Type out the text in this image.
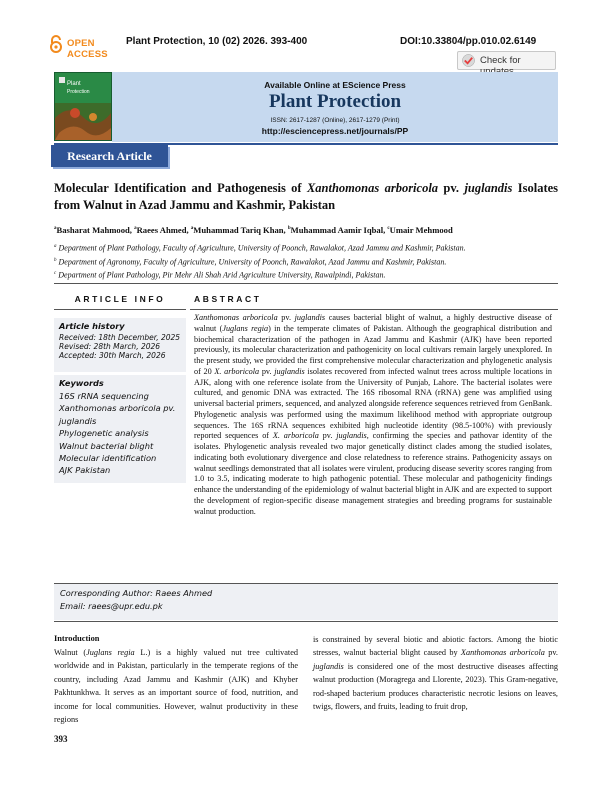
OPEN ACCESS
Plant Protection, 10 (02) 2026. 393-400	DOI:10.33804/pp.010.02.6149
Check for
Plant
Protection
Available Online at EScience Press
Plant Protection
ISSN: 2617-1287 (Online), 2617-1279 (Print)
http://esciencepress.net/journals/PP
Research Article
Molecular Identification and Pathogenesis of Xanthomonas arboricola pv. juglandis Isolates from Walnut in Azad Jammu and Kashmir, Pakistan
$^a$Basharat Mahmood, $^a$Raees Ahmed, $^a$Muhammad Tariq Khan, $^b$Muhammad Aamir Iqbal, $^c$Umair Mehmood
$^a$ Department of Plant Pathology, Faculty of Agriculture, University of Poonch, Rawalakot, Azad Jammu and Kashmir, Pakistan.
$^b$ Department of Agronomy, Faculty of Agriculture, University of Poonch, Rawalakot, Azad Jammu and Kashmir, Pakistan.
$^c$ Department of Plant Pathology, Pir Mehr Ali Shah Arid Agriculture University, Rawalpindi, Pakistan.
ARTICLE INFO	ABSTRACT
Article history
Received: 18th December, 2025
Revised: 28th March, 2026
Accepted: 30th March, 2026
Keywords
16S rRNA sequencing
Xanthomonas arboricola pv. juglandis
Phylogenetic analysis
Walnut bacterial blight
Molecular identification
AJK Pakistan
Xanthomonas arboricola pv. juglandis causes bacterial blight of walnut, a highly destructive disease of walnut (Juglans regia) in the temperate climates of Pakistan. Although the geographical distribution and biochemical characterization of the pathogen in Azad Jammu and Kashmir (AJK) have been reported previously, its molecular characterization and pathogenicity on local cultivars remain largely unexplored. In the present study, we provided the first comprehensive molecular characterization and phylogenetic analysis of 20 X. arboricola pv. juglandis isolates recovered from infected walnut trees across multiple locations in AJK, along with one reference isolate from the University of Punjab, Lahore. The bacterial isolates were cultured, and genomic DNA was extracted. The 16S ribosomal RNA (rRNA) gene was amplified using universal bacterial primers, sequenced, and analyzed alongside reference sequences retrieved from GenBank. Phylogenetic analysis was performed using the maximum likelihood method with appropriate outgroup sequences. The 16S rRNA sequences exhibited high nucleotide identity (98.5-100%) with previously reported sequences of X. arboricola pv. juglandis, confirming the species and pathovar identity of the isolates. Phylogenetic analysis revealed two major genetically distinct clades among the studied isolates, indicating both evolutionary divergence and close relatedness to reference strains. Pathogenicity assays on walnut seedlings demonstrated that all isolates were virulent, producing disease severity scores ranging from 1.0 to 3.5, indicating moderate to high pathogenic potential. These molecular and pathogenicity findings enhance the understanding of the epidemiology of walnut bacterial blight in AJK and are expected to support the development of region-specific disease management strategies and breeding programs for sustainable walnut production.
Corresponding Author: Raees Ahmed
Email: raees@upr.edu.pk
Introduction
Walnut (Juglans regia L.) is a highly valued nut tree cultivated worldwide and in Pakistan, particularly in the temperate regions of the country, including Azad Jammu and Kashmir (AJK) and Khyber Pakhtunkhwa. It serves as an important source of food, nutrition, and income for local communities. However, walnut productivity in these regions
is constrained by several biotic and abiotic factors. Among the biotic stresses, walnut bacterial blight caused by Xanthomonas arboricola pv. juglandis is considered one of the most destructive diseases affecting walnut production (Moragrega and Llorente, 2023). This Gram-negative, rod-shaped bacterium produces characteristic necrotic lesions on leaves, twigs, flowers, and fruits, leading to fruit drop,
393
